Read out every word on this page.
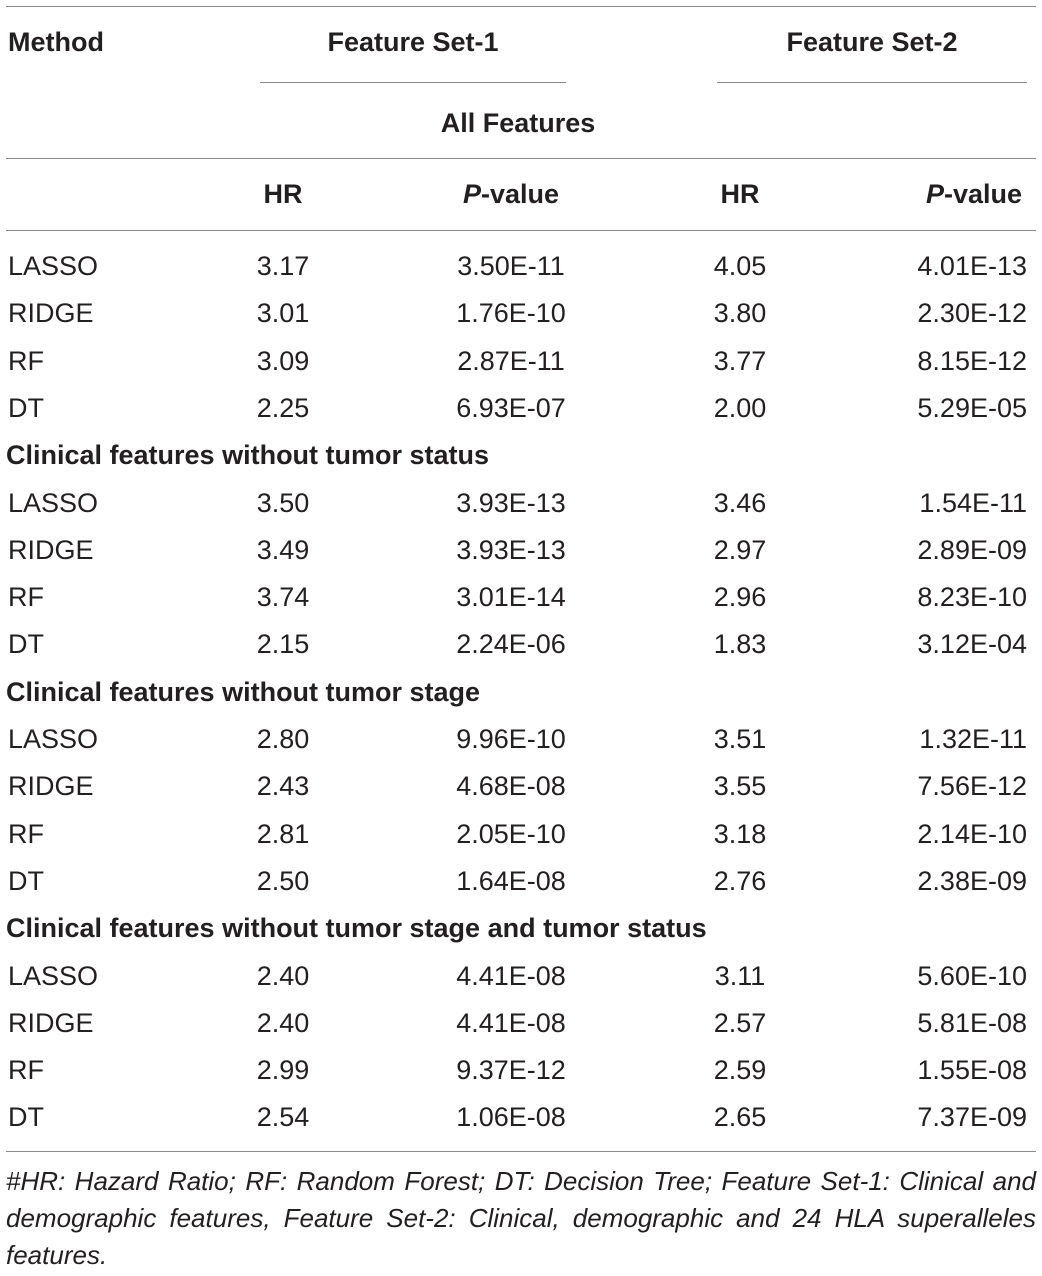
Method	Feature Set-1	Feature Set-2
All Features
HR	P-value	HR	P-value
LASSO	3.17	3.50E-11	4.05	4.01E-13
RIDGE	3.01	1.76E-10	3.80	2.30E-12
RF	3.09	2.87E-11	3.77	8.15E-12
DT	2.25	6.93E-07	2.00	5.29E-05
Clinical features without tumor status
LASSO	3.50	3.93E-13	3.46	1.54E-11
RIDGE	3.49	3.93E-13	2.97	2.89E-09
RF	3.74	3.01E-14	2.96	8.23E-10
DT	2.15	2.24E-06	1.83	3.12E-04
Clinical features without tumor stage
LASSO	2.80	9.96E-10	3.51	1.32E-11
RIDGE	2.43	4.68E-08	3.55	7.56E-12
RF	2.81	2.05E-10	3.18	2.14E-10
DT	2.50	1.64E-08	2.76	2.38E-09
Clinical features without tumor stage and tumor status
LASSO	2.40	4.41E-08	3.11	5.60E-10
RIDGE	2.40	4.41E-08	2.57	5.81E-08
RF	2.99	9.37E-12	2.59	1.55E-08
DT	2.54	1.06E-08	2.65	7.37E-09
#HR: Hazard Ratio; RF: Random Forest; DT: Decision Tree; Feature Set-1: Clinical and demographic features, Feature Set-2: Clinical, demographic and 24 HLA superalleles features.
